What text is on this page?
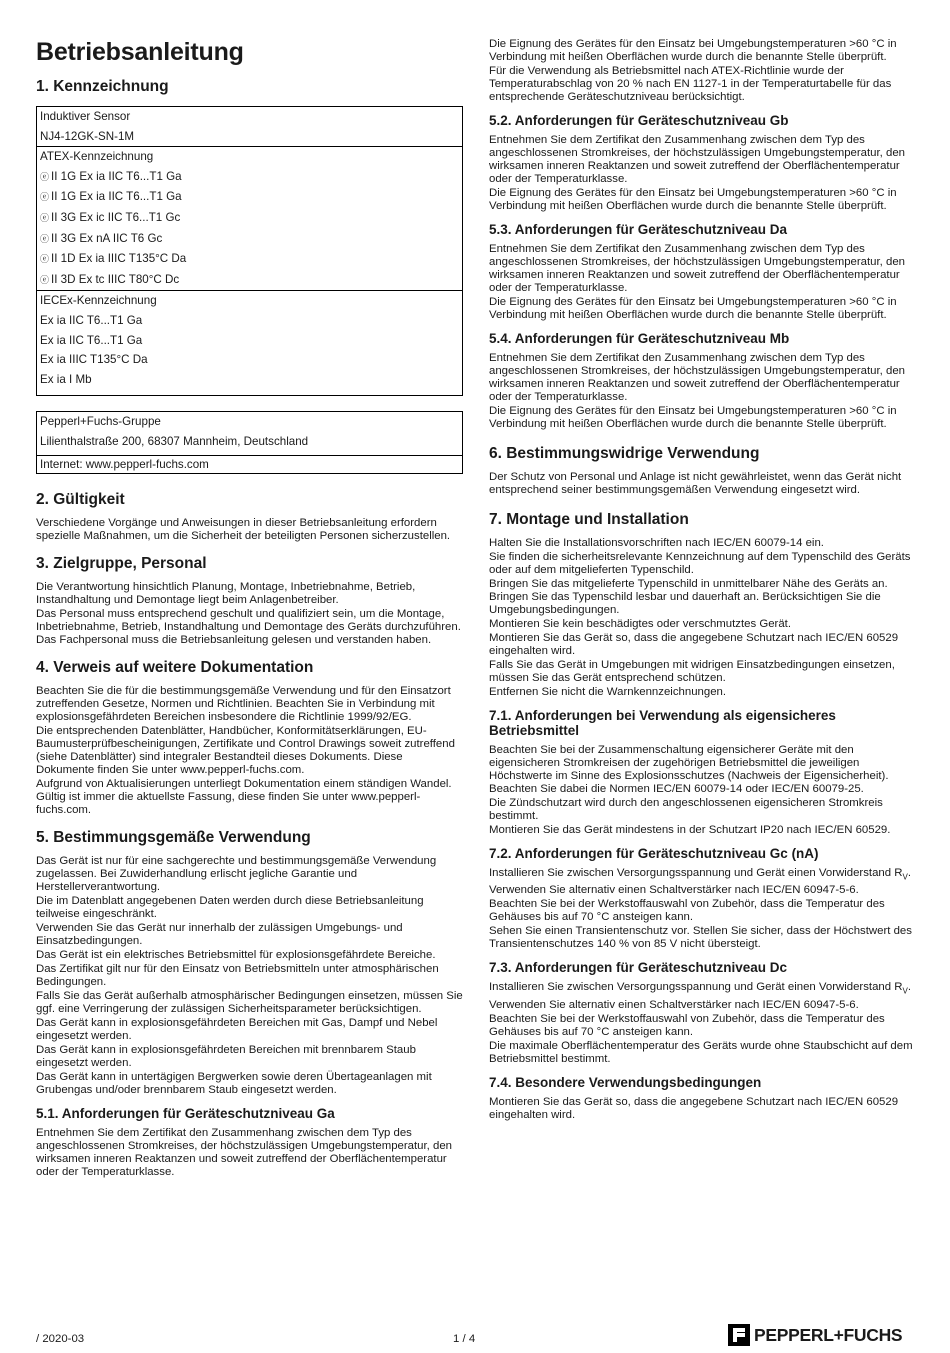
Betriebsanleitung
1. Kennzeichnung
Induktiver Sensor
NJ4-12GK-SN-1M
ATEX-Kennzeichnung
ⓔ II 1G Ex ia IIC T6...T1 Ga
ⓔ II 1G Ex ia IIC T6...T1 Ga
ⓔ II 3G Ex ic IIC T6...T1 Gc
ⓔ II 3G Ex nA IIC T6 Gc
ⓔ II 1D Ex ia IIIC T135°C Da
ⓔ II 3D Ex tc IIIC T80°C Dc
IECEx-Kennzeichnung
Ex ia IIC T6...T1 Ga
Ex ia IIC T6...T1 Ga
Ex ia IIIC T135°C Da
Ex ia I Mb
Pepperl+Fuchs-Gruppe
Lilienthalstraße 200, 68307 Mannheim, Deutschland
Internet: www.pepperl-fuchs.com
2. Gültigkeit

Verschiedene Vorgänge und Anweisungen in dieser Betriebsanleitung erfordern spezielle Maßnahmen, um die Sicherheit der beteiligten Personen sicherzustellen.

3. Zielgruppe, Personal

Die Verantwortung hinsichtlich Planung, Montage, Inbetriebnahme, Betrieb, Instandhaltung und Demontage liegt beim Anlagenbetreiber.

Das Personal muss entsprechend geschult und qualifiziert sein, um die Montage, Inbetriebnahme, Betrieb, Instandhaltung und Demontage des Geräts durchzuführen. Das Fachpersonal muss die Betriebsanleitung gelesen und verstanden haben.

4. Verweis auf weitere Dokumentation

Beachten Sie die für die bestimmungsgemäße Verwendung und für den Einsatzort zutreffenden Gesetze, Normen und Richtlinien. Beachten Sie in Verbindung mit explosionsgefährdeten Bereichen insbesondere die Richtlinie 1999/92/EG.

Die entsprechenden Datenblätter, Handbücher, Konformitätserklärungen, EU-Baumusterprüfbescheinigungen, Zertifikate und Control Drawings soweit zutreffend (siehe Datenblätter) sind integraler Bestandteil dieses Dokuments. Diese Dokumente finden Sie unter www.pepperl-fuchs.com.

Aufgrund von Aktualisierungen unterliegt Dokumentation einem ständigen Wandel. Gültig ist immer die aktuellste Fassung, diese finden Sie unter www.pepperl-fuchs.com.

5. Bestimmungsgemäße Verwendung

Das Gerät ist nur für eine sachgerechte und bestimmungsgemäße Verwendung zugelassen. Bei Zuwiderhandlung erlischt jegliche Garantie und Herstellerverantwortung.

Die im Datenblatt angegebenen Daten werden durch diese Betriebsanleitung teilweise eingeschränkt.

Verwenden Sie das Gerät nur innerhalb der zulässigen Umgebungs- und Einsatzbedingungen.

Das Gerät ist ein elektrisches Betriebsmittel für explosionsgefährdete Bereiche.

Das Zertifikat gilt nur für den Einsatz von Betriebsmitteln unter atmosphärischen Bedingungen.

Falls Sie das Gerät außerhalb atmosphärischer Bedingungen einsetzen, müssen Sie ggf. eine Verringerung der zulässigen Sicherheitsparameter berücksichtigen.

Das Gerät kann in explosionsgefährdeten Bereichen mit Gas, Dampf und Nebel eingesetzt werden.

Das Gerät kann in explosionsgefährdeten Bereichen mit brennbarem Staub eingesetzt werden.

Das Gerät kann in untertägigen Bergwerken sowie deren Übertageanlagen mit Grubengas und/oder brennbarem Staub eingesetzt werden.

5.1. Anforderungen für Geräteschutzniveau Ga

Entnehmen Sie dem Zertifikat den Zusammenhang zwischen dem Typ des angeschlossenen Stromkreises, der höchstzulässigen Umgebungstemperatur, den wirksamen inneren Reaktanzen und soweit zutreffend der Oberflächentemperatur oder der Temperaturklasse.

Die Eignung des Gerätes für den Einsatz bei Umgebungstemperaturen >60 °C in Verbindung mit heißen Oberflächen wurde durch die benannte Stelle überprüft.

Für die Verwendung als Betriebsmittel nach ATEX-Richtlinie wurde der Temperaturabschlag von 20 % nach EN 1127-1 in der Temperaturtabelle für das entsprechende Geräteschutzniveau berücksichtigt.

5.2. Anforderungen für Geräteschutzniveau Gb

Entnehmen Sie dem Zertifikat den Zusammenhang zwischen dem Typ des angeschlossenen Stromkreises, der höchstzulässigen Umgebungstemperatur, den wirksamen inneren Reaktanzen und soweit zutreffend der Oberflächentemperatur oder der Temperaturklasse.

Die Eignung des Gerätes für den Einsatz bei Umgebungstemperaturen >60 °C in Verbindung mit heißen Oberflächen wurde durch die benannte Stelle überprüft.

5.3. Anforderungen für Geräteschutzniveau Da

Entnehmen Sie dem Zertifikat den Zusammenhang zwischen dem Typ des angeschlossenen Stromkreises, der höchstzulässigen Umgebungstemperatur, den wirksamen inneren Reaktanzen und soweit zutreffend der Oberflächentemperatur oder der Temperaturklasse.

Die Eignung des Gerätes für den Einsatz bei Umgebungstemperaturen >60 °C in Verbindung mit heißen Oberflächen wurde durch die benannte Stelle überprüft.

5.4. Anforderungen für Geräteschutzniveau Mb

Entnehmen Sie dem Zertifikat den Zusammenhang zwischen dem Typ des angeschlossenen Stromkreises, der höchstzulässigen Umgebungstemperatur, den wirksamen inneren Reaktanzen und soweit zutreffend der Oberflächentemperatur oder der Temperaturklasse.

Die Eignung des Gerätes für den Einsatz bei Umgebungstemperaturen >60 °C in Verbindung mit heißen Oberflächen wurde durch die benannte Stelle überprüft.

6. Bestimmungswidrige Verwendung

Der Schutz von Personal und Anlage ist nicht gewährleistet, wenn das Gerät nicht entsprechend seiner bestimmungsgemäßen Verwendung eingesetzt wird.

7. Montage und Installation

Halten Sie die Installationsvorschriften nach IEC/EN 60079-14 ein.

Sie finden die sicherheitsrelevante Kennzeichnung auf dem Typenschild des Geräts oder auf dem mitgelieferten Typenschild.

Bringen Sie das mitgelieferte Typenschild in unmittelbarer Nähe des Geräts an. Bringen Sie das Typenschild lesbar und dauerhaft an. Berücksichtigen Sie die Umgebungsbedingungen.

Montieren Sie kein beschädigtes oder verschmutztes Gerät.

Montieren Sie das Gerät so, dass die angegebene Schutzart nach IEC/EN 60529 eingehalten wird.

Falls Sie das Gerät in Umgebungen mit widrigen Einsatzbedingungen einsetzen, müssen Sie das Gerät entsprechend schützen.

Entfernen Sie nicht die Warnkennzeichnungen.

7.1. Anforderungen bei Verwendung als eigensicheres Betriebsmittel

Beachten Sie bei der Zusammenschaltung eigensicherer Geräte mit den eigensicheren Stromkreisen der zugehörigen Betriebsmittel die jeweiligen Höchstwerte im Sinne des Explosionsschutzes (Nachweis der Eigensicherheit). Beachten Sie dabei die Normen IEC/EN 60079-14 oder IEC/EN 60079-25.

Die Zündschutzart wird durch den angeschlossenen eigensicheren Stromkreis bestimmt.

Montieren Sie das Gerät mindestens in der Schutzart IP20 nach IEC/EN 60529.

7.2. Anforderungen für Geräteschutzniveau Gc (nA)

Installieren Sie zwischen Versorgungsspannung und Gerät einen Vorwiderstand $R_V$.

Verwenden Sie alternativ einen Schaltverstärker nach IEC/EN 60947-5-6.

Beachten Sie bei der Werkstoffauswahl von Zubehör, dass die Temperatur des Gehäuses bis auf 70 °C ansteigen kann.

Sehen Sie einen Transientenschutz vor. Stellen Sie sicher, dass der Höchstwert des Transientenschutzes 140 % von 85 V nicht übersteigt.

7.3. Anforderungen für Geräteschutzniveau Dc

Installieren Sie zwischen Versorgungsspannung und Gerät einen Vorwiderstand $R_V$.

Verwenden Sie alternativ einen Schaltverstärker nach IEC/EN 60947-5-6.

Beachten Sie bei der Werkstoffauswahl von Zubehör, dass die Temperatur des Gehäuses bis auf 70 °C ansteigen kann.

Die maximale Oberflächentemperatur des Geräts wurde ohne Staubschicht auf dem Betriebsmittel bestimmt.

7.4. Besondere Verwendungsbedingungen

Montieren Sie das Gerät so, dass die angegebene Schutzart nach IEC/EN 60529 eingehalten wird.

/ 2020-03	1 / 4	PEPPERL+FUCHS
